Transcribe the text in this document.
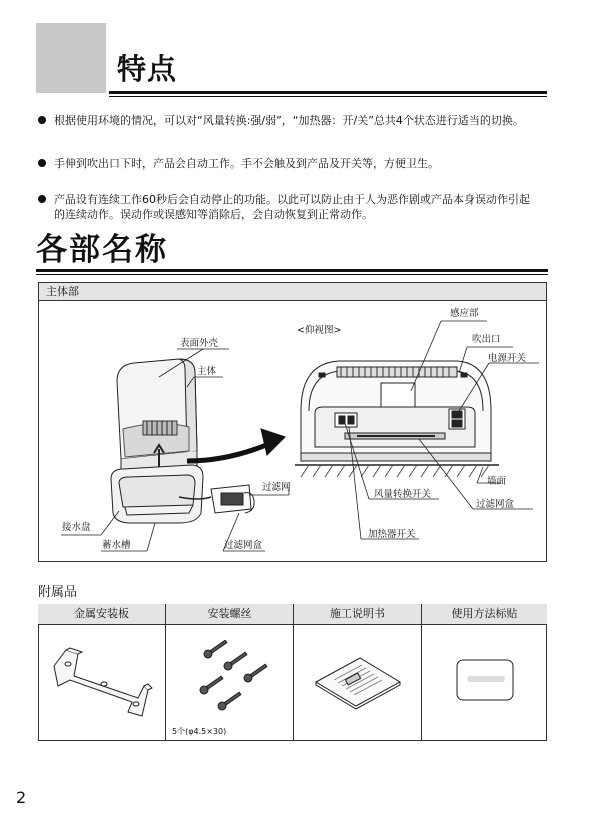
特点
根据使用环境的情况，可以对“风量转换:强/弱”，“加热器：开/关”总共4个状态进行适当的切换。
手伸到吹出口下时，产品会自动工作。手不会触及到产品及开关等，方便卫生。
产品设有连续工作60秒后会自动停止的功能。以此可以防止由于人为恶作剧或产品本身误动作引起的连续动作。误动作或误感知等消除后，会自动恢复到正常动作。
各部名称
主体部
表面外壳
主体
过滤网
接水盘
蓄水槽	过滤网盒
<仰视图>
感应部
吹出口
电源开关
墙面
风量转换开关
过滤网盒
加热器开关
附属品
金属安装板	安装螺丝	施工说明书	使用方法标贴
5个(φ4.5×30)
2
